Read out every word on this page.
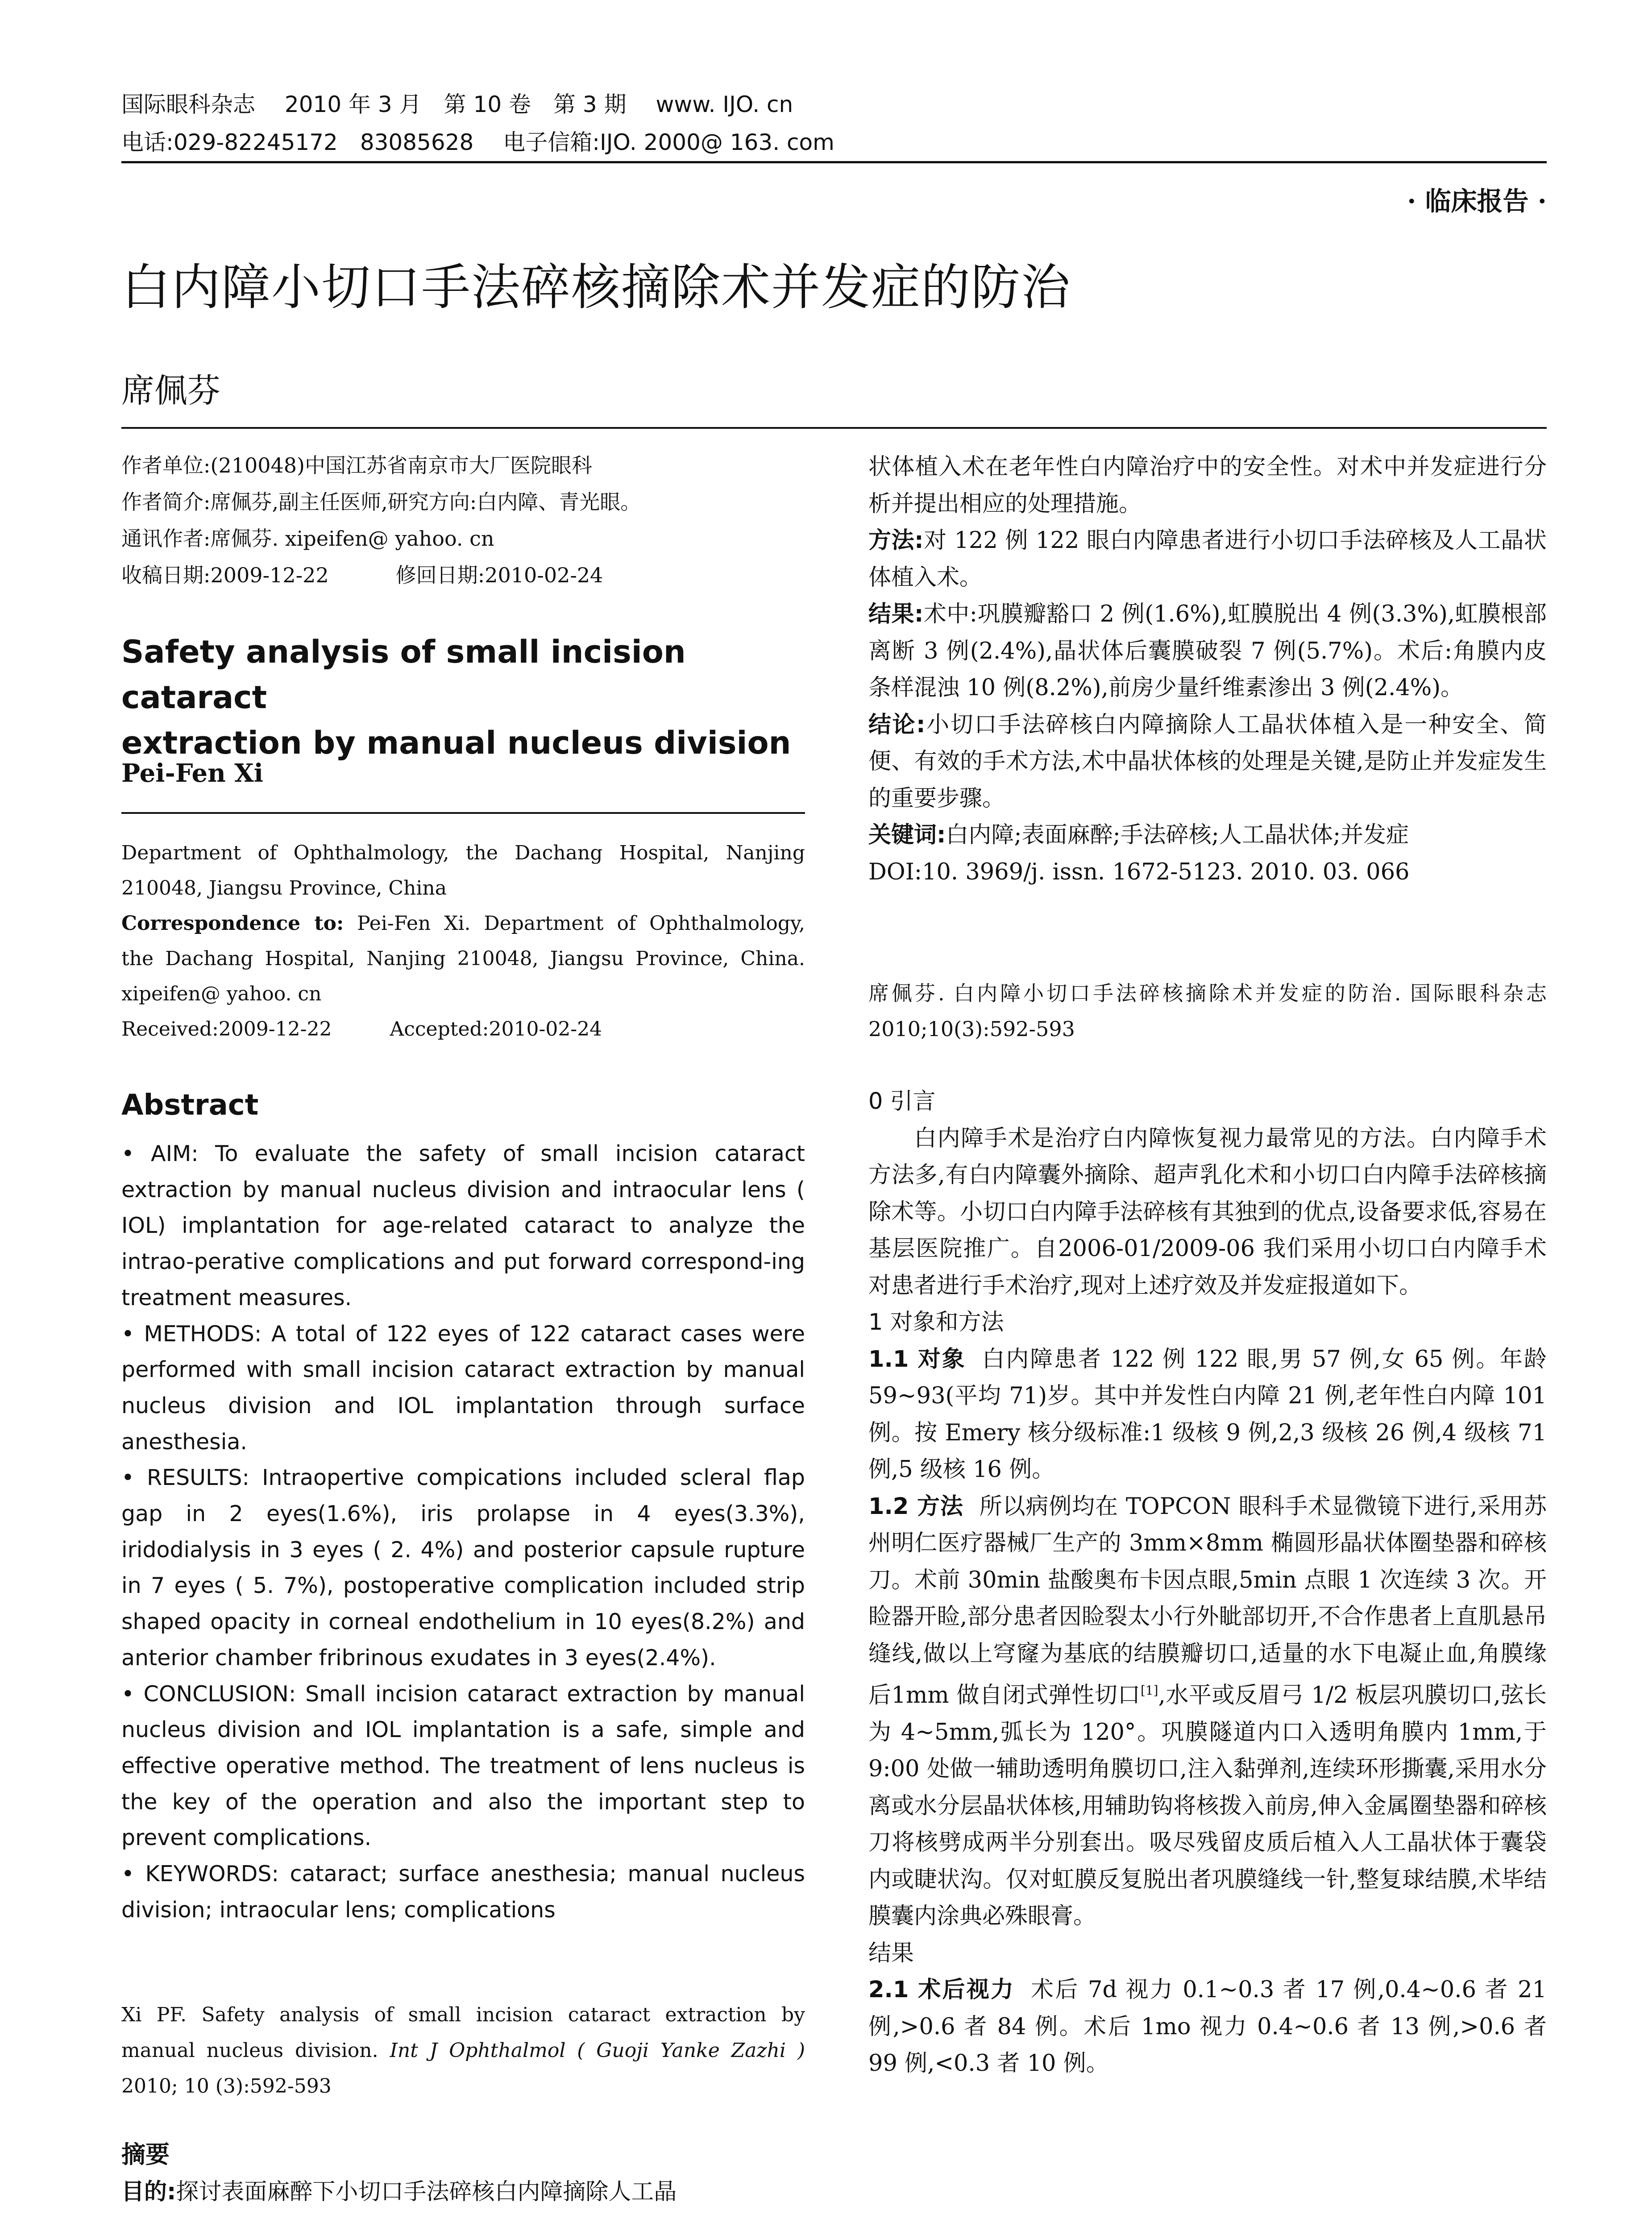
国际眼科杂志　 2010 年 3 月　第 10 卷　第 3 期　 www. IJO. cn
电话:029-82245172　83085628　 电子信箱:IJO. 2000@ 163. com
· 临床报告 ·
白内障小切口手法碎核摘除术并发症的防治
席佩芬

作者单位:(210048)中国江苏省南京市大厂医院眼科

作者简介:席佩芬,副主任医师,研究方向:白内障、青光眼。

通讯作者:席佩芬. xipeifen@ yahoo. cn

收稿日期:2009-12-22	修回日期:2010-02-24

Safety analysis of small incision cataract
extraction by manual nucleus division
Pei-Fen Xi

Department of Ophthalmology, the Dachang Hospital, Nanjing

210048, Jiangsu Province, China

Correspondence to: Pei-Fen Xi. Department of Ophthalmology,

the Dachang Hospital, Nanjing 210048, Jiangsu Province, China.

xipeifen@ yahoo. cn

Received:2009-12-22	Accepted:2010-02-24

Abstract

• AIM: To evaluate the safety of small incision cataract extraction by manual nucleus division and intraocular lens ( IOL) implantation for age-related cataract to analyze the intrao-perative complications and put forward correspond-ing treatment measures.

• METHODS: A total of 122 eyes of 122 cataract cases were performed with small incision cataract extraction by manual nucleus division and IOL implantation through surface anesthesia.

• RESULTS: Intraopertive compications included scleral flap gap in 2 eyes(1.6%), iris prolapse in 4 eyes(3.3%), iridodialysis in 3 eyes ( 2. 4%) and posterior capsule rupture in 7 eyes ( 5. 7%), postoperative complication included strip shaped opacity in corneal endothelium in 10 eyes(8.2%) and anterior chamber fribrinous exudates in 3 eyes(2.4%).

• CONCLUSION: Small incision cataract extraction by manual nucleus division and IOL implantation is a safe, simple and effective operative method. The treatment of lens nucleus is the key of the operation and also the important step to prevent complications.

• KEYWORDS: cataract; surface anesthesia; manual nucleus division; intraocular lens; complications

Xi PF. Safety analysis of small incision cataract extraction by manual nucleus division. Int J Ophthalmol ( Guoji Yanke Zazhi ) 2010; 10 (3):592-593
摘要

目的:探讨表面麻醉下小切口手法碎核白内障摘除人工晶

状体植入术在老年性白内障治疗中的安全性。对术中并发症进行分析并提出相应的处理措施。

方法:对 122 例 122 眼白内障患者进行小切口手法碎核及人工晶状体植入术。

结果:术中:巩膜瓣豁口 2 例(1.6%),虹膜脱出 4 例(3.3%),虹膜根部离断 3 例(2.4%),晶状体后囊膜破裂 7 例(5.7%)。术后:角膜内皮条样混浊 10 例(8.2%),前房少量纤维素渗出 3 例(2.4%)。

结论:小切口手法碎核白内障摘除人工晶状体植入是一种安全、简便、有效的手术方法,术中晶状体核的处理是关键,是防止并发症发生的重要步骤。

关键词:白内障;表面麻醉;手法碎核;人工晶状体;并发症

DOI:10. 3969/j. issn. 1672-5123. 2010. 03. 066

席佩芬. 白内障小切口手法碎核摘除术并发症的防治. 国际眼科杂志 2010;10(3):592-593
0 引言

白内障手术是治疗白内障恢复视力最常见的方法。白内障手术方法多,有白内障囊外摘除、超声乳化术和小切口白内障手法碎核摘除术等。小切口白内障手法碎核有其独到的优点,设备要求低,容易在基层医院推广。自2006-01/2009-06 我们采用小切口白内障手术对患者进行手术治疗,现对上述疗效及并发症报道如下。

1 对象和方法

1.1 对象 白内障患者 122 例 122 眼,男 57 例,女 65 例。年龄 59~93(平均 71)岁。其中并发性白内障 21 例,老年性白内障 101 例。按 Emery 核分级标准:1 级核 9 例,2,3 级核 26 例,4 级核 71 例,5 级核 16 例。

1.2 方法 所以病例均在 TOPCON 眼科手术显微镜下进行,采用苏州明仁医疗器械厂生产的 3mm×8mm 椭圆形晶状体圈垫器和碎核刀。术前 30min 盐酸奥布卡因点眼,5min 点眼 1 次连续 3 次。开睑器开睑,部分患者因睑裂太小行外眦部切开,不合作患者上直肌悬吊缝线,做以上穹窿为基底的结膜瓣切口,适量的水下电凝止血,角膜缘后1mm 做自闭式弹性切口[1],水平或反眉弓 1/2 板层巩膜切口,弦长为 4~5mm,弧长为 120°。巩膜隧道内口入透明角膜内 1mm,于 9:00 处做一辅助透明角膜切口,注入黏弹剂,连续环形撕囊,采用水分离或水分层晶状体核,用辅助钩将核拨入前房,伸入金属圈垫器和碎核刀将核劈成两半分别套出。吸尽残留皮质后植入人工晶状体于囊袋内或睫状沟。仅对虹膜反复脱出者巩膜缝线一针,整复球结膜,术毕结膜囊内涂典必殊眼膏。

结果

2.1 术后视力 术后 7d 视力 0.1~0.3 者 17 例,0.4~0.6 者 21 例,>0.6 者 84 例。术后 1mo 视力 0.4~0.6 者 13 例,>0.6 者 99 例,<0.3 者 10 例。
